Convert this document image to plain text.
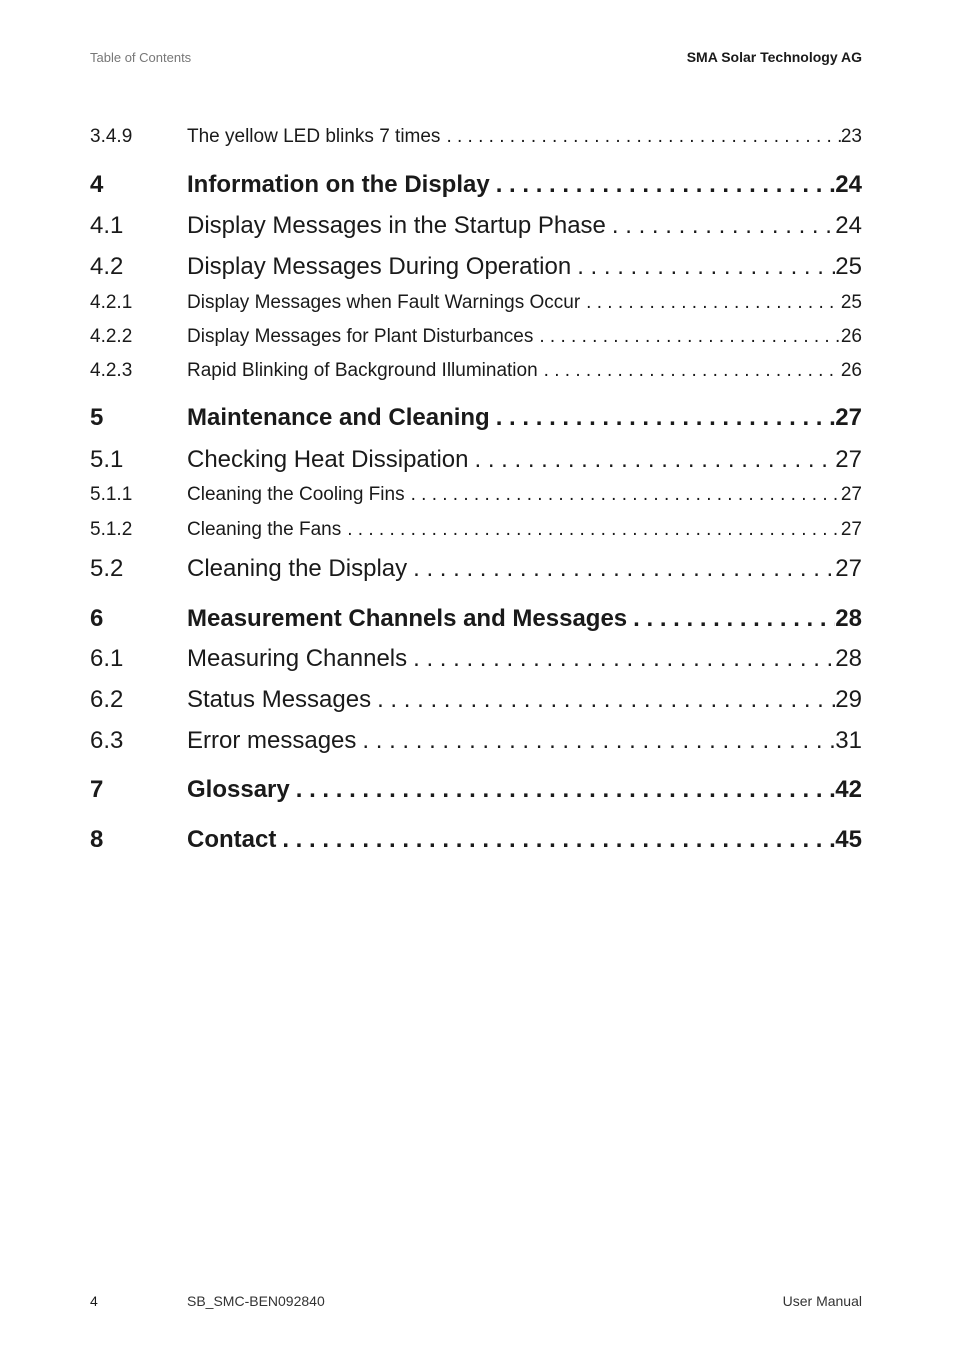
Table of Contents	SMA Solar Technology AG
3.4.9	The yellow LED blinks 7 times . . .	23
4	Information on the Display . . .	24
4.1	Display Messages in the Startup Phase . . .	24
4.2	Display Messages During Operation . . .	25
4.2.1	Display Messages when Fault Warnings Occur . . .	25
4.2.2	Display Messages for Plant Disturbances . . .	26
4.2.3	Rapid Blinking of Background Illumination . . .	26
5	Maintenance and Cleaning . . .	27
5.1	Checking Heat Dissipation . . .	27
5.1.1	Cleaning the Cooling Fins . . .	27
5.1.2	Cleaning the Fans . . .	27
5.2	Cleaning the Display . . .	27
6	Measurement Channels and Messages . . .	28
6.1	Measuring Channels . . .	28
6.2	Status Messages . . .	29
6.3	Error messages . . .	31
7	Glossary . . .	42
8	Contact . . .	45
4	SB_SMC-BEN092840	User Manual
